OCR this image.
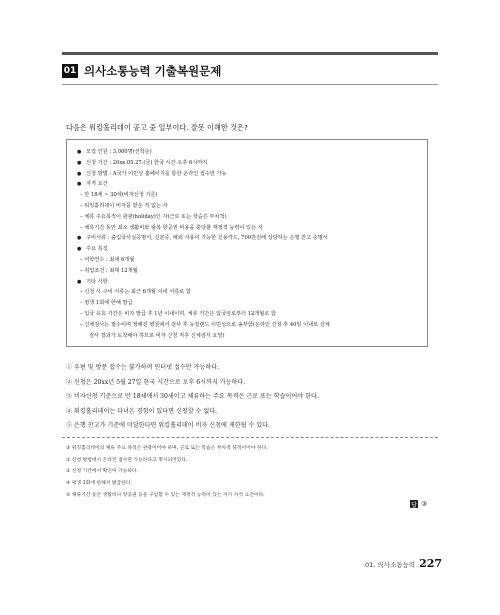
01 의사소통능력 기출복원문제
다음은 워킹홀리데이 공고 중 일부이다. 잘못 이해한 것은?
● 모집 인원 : 3,000명(선착순)
● 신청 기간 : 20xx.05.27.(금) 한국 시간 오후 6시까지
● 신청 방법 : A국가 이민성 홈페이지를 통한 온라인 접수만 가능
● 자격 요건
– 만 18세 ~ 30세(비자신청 기준)
– 워킹홀리데이 비자를 받은 적 없는 자
– 체류 주요목적이 관광(holiday)인 자(근로 또는 학습은 부차적)
– 체류기간 동안 최소 생활비와 왕복 항공권 비용을 충당할 재정적 능력이 있는 자
● 구비서류 : 출입국사실증명서, 신분증, 해외 사용이 가능한 신용카드, 700만원에 상당하는 은행 잔고 증명서
● 주요 특징
– 어학연수 : 최대 6개월
– 취업조건 : 최대 12개월
● 기타 사항
– 신청 시 구비 서류는 최근 6개월 이내 서류로 함
– 평생 1회에 한해 발급
– 입국 유효 기간은 비자 발급 후 1년 이내이며, 체류 기간은 입국일로부터 12개월로 함
– 신체검사는 필수이며 정해진 병원에서 검사 후 뉴질랜드 이민성으로 송부함(온라인 신청 후 40일 이내로 신체
검사 결과가 도착해야 하므로 비자 신청 직후 신체검사 요망)
① 우편 및 방문 접수는 불가하며 인터넷 접수만 가능하다.
② 신청은 20xx년 5월 27일 한국 시간으로 오후 6시까지 가능하다.
③ 비자신청 기준으로 만 18세에서 30세이고 체류하는 주요 목적은 근로 또는 학습이어야 한다.
④ 워킹홀리데이는 다녀온 경험이 있다면 신청할 수 없다.
⑤ 은행 잔고가 기준에 미달한다면 워킹홀리데이 비자 신청에 제한될 수 있다.
③ 워킹홀리데이의 체류 주요 목적은 관광이어야 하며, 근로 또는 학습은 부차적 목적이어야 한다.
① 신청 방법에서 온라인 접수만 가능하다고 명시되어있다.
② 신청 기간에서 확인이 가능하다.
④ 평생 1회에 한해서 발급한다.
⑤ 체류기간 동안 생활비나 항공권 등을 구입할 수 있는 재정적 능력이 있는 자가 자격 요건이다.
답 ③
01. 의사소통능력 227
